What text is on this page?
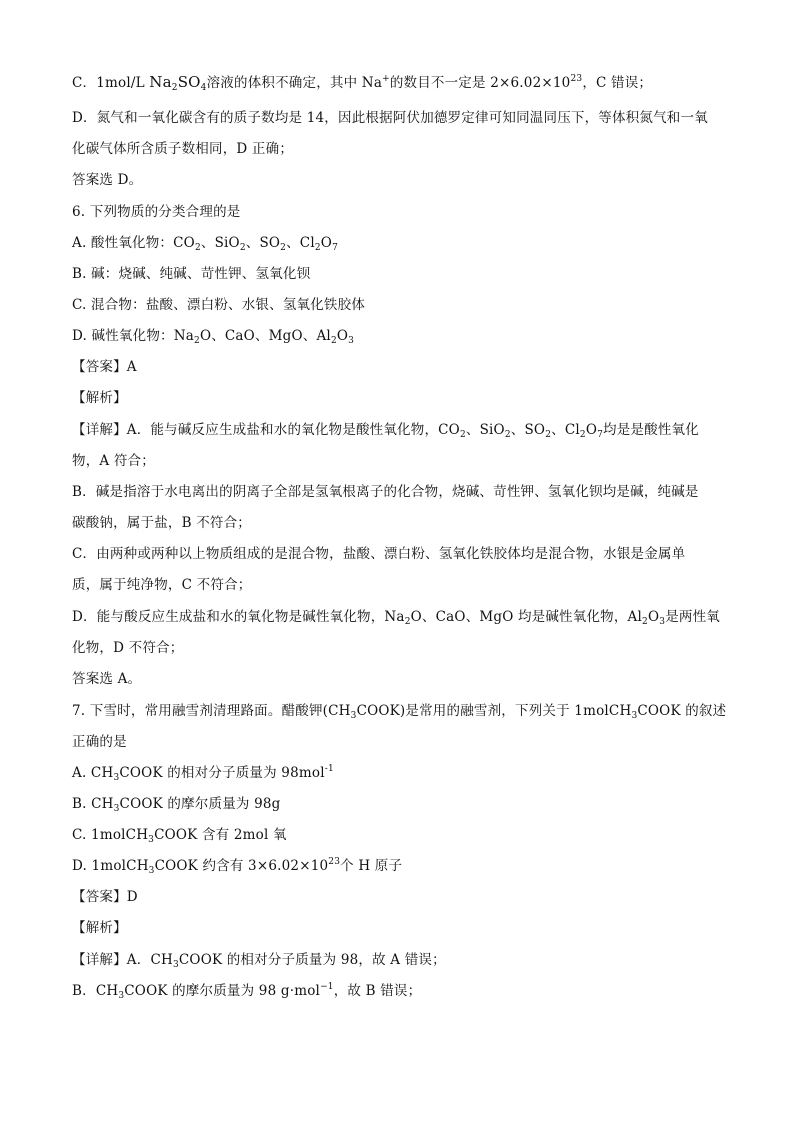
C．1mol/L $Na_2SO_4$溶液的体积不确定，其中 Na+的数目不一定是 $2\times 6.02\times 10^{23}$，C 错误；
D．氮气和一氧化碳含有的质子数均是 14，因此根据阿伏加德罗定律可知同温同压下，等体积氮气和一氧
化碳气体所含质子数相同，D 正确；
答案选 D。
6. 下列物质的分类合理的是
A. 酸性氧化物：$CO_2$、SiO$_2$、$SO_2$、$Cl_2O_7$
B. 碱：烧碱、纯碱、苛性钾、氢氧化钡
C. 混合物：盐酸、漂白粉、水银、氢氧化铁胶体
D. 碱性氧化物：$Na_2O$、CaO、MgO、$Al_2O_3$
【答案】A
【解析】
【详解】A．能与碱反应生成盐和水的氧化物是酸性氧化物，$CO_2$、SiO$_2$、$SO_2$、$Cl_2O_7$均是是酸性氧化
物，A 符合；
B．碱是指溶于水电离出的阴离子全部是氢氧根离子的化合物，烧碱、苛性钾、氢氧化钡均是碱，纯碱是
碳酸钠，属于盐，B 不符合；
C．由两种或两种以上物质组成的是混合物，盐酸、漂白粉、氢氧化铁胶体均是混合物，水银是金属单
质，属于纯净物，C 不符合；
D．能与酸反应生成盐和水的氧化物是碱性氧化物，$Na_2O$、CaO、MgO 均是碱性氧化物，$Al_2O_3$是两性氧
化物，D 不符合；
答案选 A。
7. 下雪时，常用融雪剂清理路面。醋酸钾$(CH_3COOK)$是常用的融雪剂，下列关于 1molCH$_3$COOK 的叙述
正确的是
A. $CH_3COOK$ 的相对分子质量为 98mol$^{-1}$
B. $CH_3COOK$ 的摩尔质量为 98g
C. 1molCH$_3$COOK 含有 2mol 氧
D. 1molCH$_3$COOK 约含有 $3\times 6.02\times 10^{23}$个 H 原子
【答案】D
【解析】
【详解】A．$CH_3COOK$ 的相对分子质量为 98，故 A 错误；
B．$CH_3COOK$ 的摩尔质量为 98 g·mol$^{-1}$，故 B 错误；
